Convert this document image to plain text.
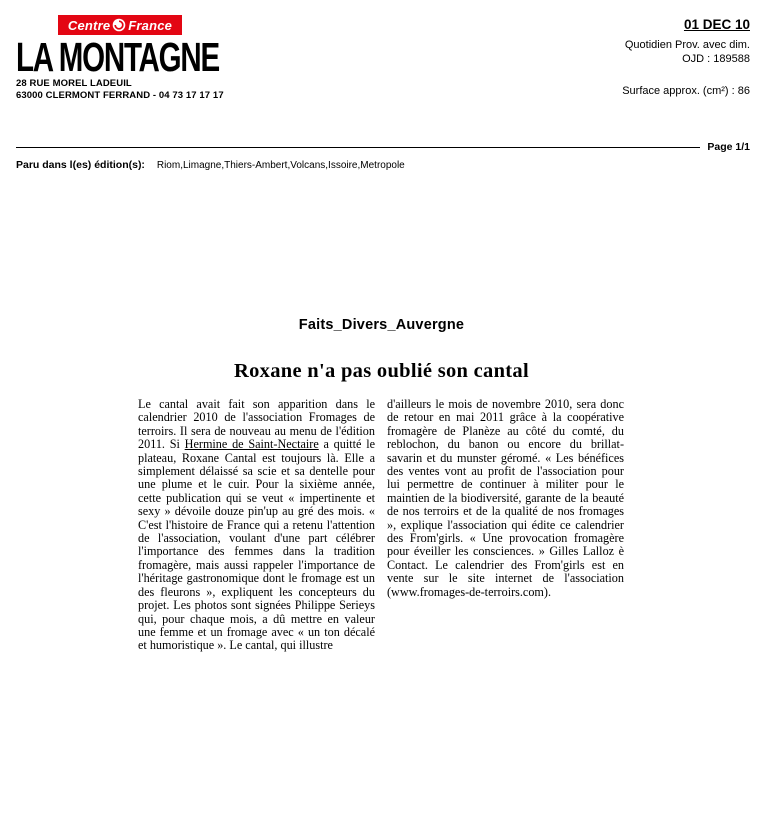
Centre France
LA MONTAGNE
28 RUE MOREL LADEUIL
63000 CLERMONT FERRAND - 04 73 17 17 17
01 DEC 10
Quotidien Prov. avec dim.
OJD : 189588
Surface approx. (cm²) : 86
Page 1/1
Paru dans l(es) édition(s): Riom,Limagne,Thiers-Ambert,Volcans,Issoire,Metropole
Faits_Divers_Auvergne
Roxane n'a pas oublié son cantal
Le cantal avait fait son apparition dans le calendrier 2010 de l'association Fromages de terroirs. Il sera de nouveau au menu de l'édition 2011. Si Hermine de Saint-Nectaire a quitté le plateau, Roxane Cantal est toujours là. Elle a simplement délaissé sa scie et sa dentelle pour une plume et le cuir. Pour la sixième année, cette publication qui se veut « impertinente et sexy » dévoile douze pin'up au gré des mois. « C'est l'histoire de France qui a retenu l'attention de l'association, voulant d'une part célébrer l'importance des femmes dans la tradition fromagère, mais aussi rappeler l'importance de l'héritage gastronomique dont le fromage est un des fleurons », expliquent les concepteurs du projet. Les photos sont signées Philippe Serieys qui, pour chaque mois, a dû mettre en valeur une femme et un fromage avec « un ton décalé et humoristique ». Le cantal, qui illustre
d'ailleurs le mois de novembre 2010, sera donc de retour en mai 2011 grâce à la coopérative fromagère de Planèze au côté du comté, du reblochon, du banon ou encore du brillat-savarin et du munster géromé. « Les bénéfices des ventes vont au profit de l'association pour lui permettre de continuer à militer pour le maintien de la biodiversité, garante de la beauté de nos terroirs et de la qualité de nos fromages », explique l'association qui édite ce calendrier des From'girls. « Une provocation fromagère pour éveiller les consciences. » Gilles Lalloz è Contact. Le calendrier des From'girls est en vente sur le site internet de l'association (www.fromages-de-terroirs.com).
